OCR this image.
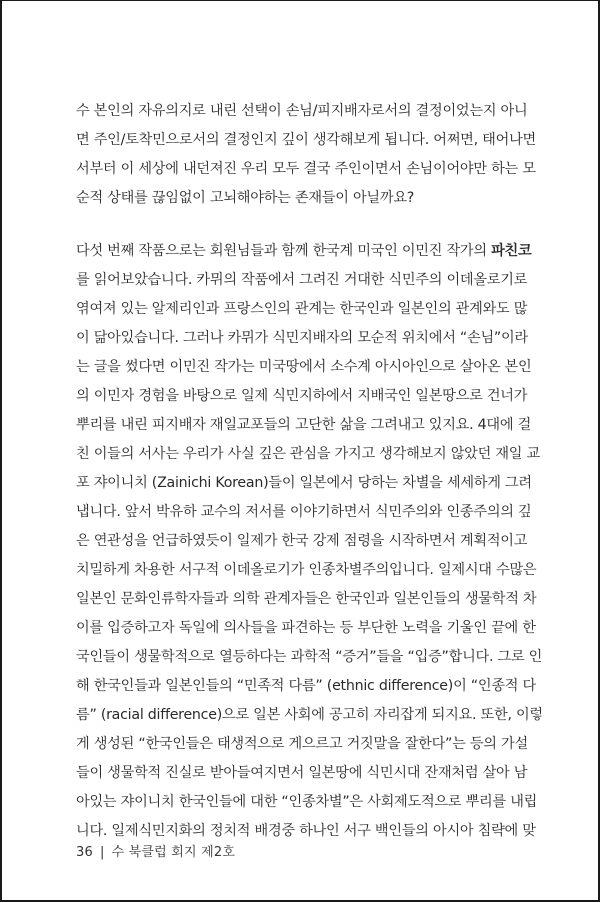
수 본인의 자유의지로 내린 선택이 손님/피지배자로서의 결정이었는지 아니
면 주인/토착민으로서의 결정인지 깊이 생각해보게 됩니다. 어쩌면, 태어나면
서부터 이 세상에 내던져진 우리 모두 결국 주인이면서 손님이어야만 하는 모
순적 상태를 끊임없이 고뇌해야하는 존재들이 아닐까요?
다섯 번째 작품으로는 회원님들과 함께 한국계 미국인 이민진 작가의 파친코
를 읽어보았습니다. 카뮈의 작품에서 그려진 거대한 식민주의 이데올로기로
엮여져 있는 알제리인과 프랑스인의 관계는 한국인과 일본인의 관계와도 많
이 닮아있습니다. 그러나 카뮈가 식민지배자의 모순적 위치에서 “손님”이라
는 글을 썼다면 이민진 작가는 미국땅에서 소수계 아시아인으로 살아온 본인
의 이민자 경험을 바탕으로 일제 식민지하에서 지배국인 일본땅으로 건너가
뿌리를 내린 피지배자 재일교포들의 고단한 삶을 그려내고 있지요. 4대에 걸
친 이들의 서사는 우리가 사실 깊은 관심을 가지고 생각해보지 않았던 재일 교
포 쟈이니치 (Zainichi Korean)들이 일본에서 당하는 차별을 세세하게 그려
냅니다. 앞서 박유하 교수의 저서를 이야기하면서 식민주의와 인종주의의 깊
은 연관성을 언급하였듯이 일제가 한국 강제 점령을 시작하면서 계획적이고
치밀하게 차용한 서구적 이데올로기가 인종차별주의입니다. 일제시대 수많은
일본인 문화인류학자들과 의학 관계자들은 한국인과 일본인들의 생물학적 차
이를 입증하고자 독일에 의사들을 파견하는 등 부단한 노력을 기울인 끝에 한
국인들이 생물학적으로 열등하다는 과학적 “증거”들을 “입증”합니다. 그로 인
해 한국인들과 일본인들의 “민족적 다름” (ethnic difference)이 “인종적 다
름” (racial difference)으로 일본 사회에 공고히 자리잡게 되지요. 또한, 이렇
게 생성된 “한국인들은 태생적으로 게으르고 거짓말을 잘한다”는 등의 가설
들이 생물학적 진실로 받아들여지면서 일본땅에 식민시대 잔재처럼 살아 남
아있는 쟈이니치 한국인들에 대한 “인종차별”은 사회제도적으로 뿌리를 내립
니다. 일제식민지화의 정치적 배경중 하나인 서구 백인들의 아시아 침략에 맞
36 | 수 북클럽 회지 제2호
